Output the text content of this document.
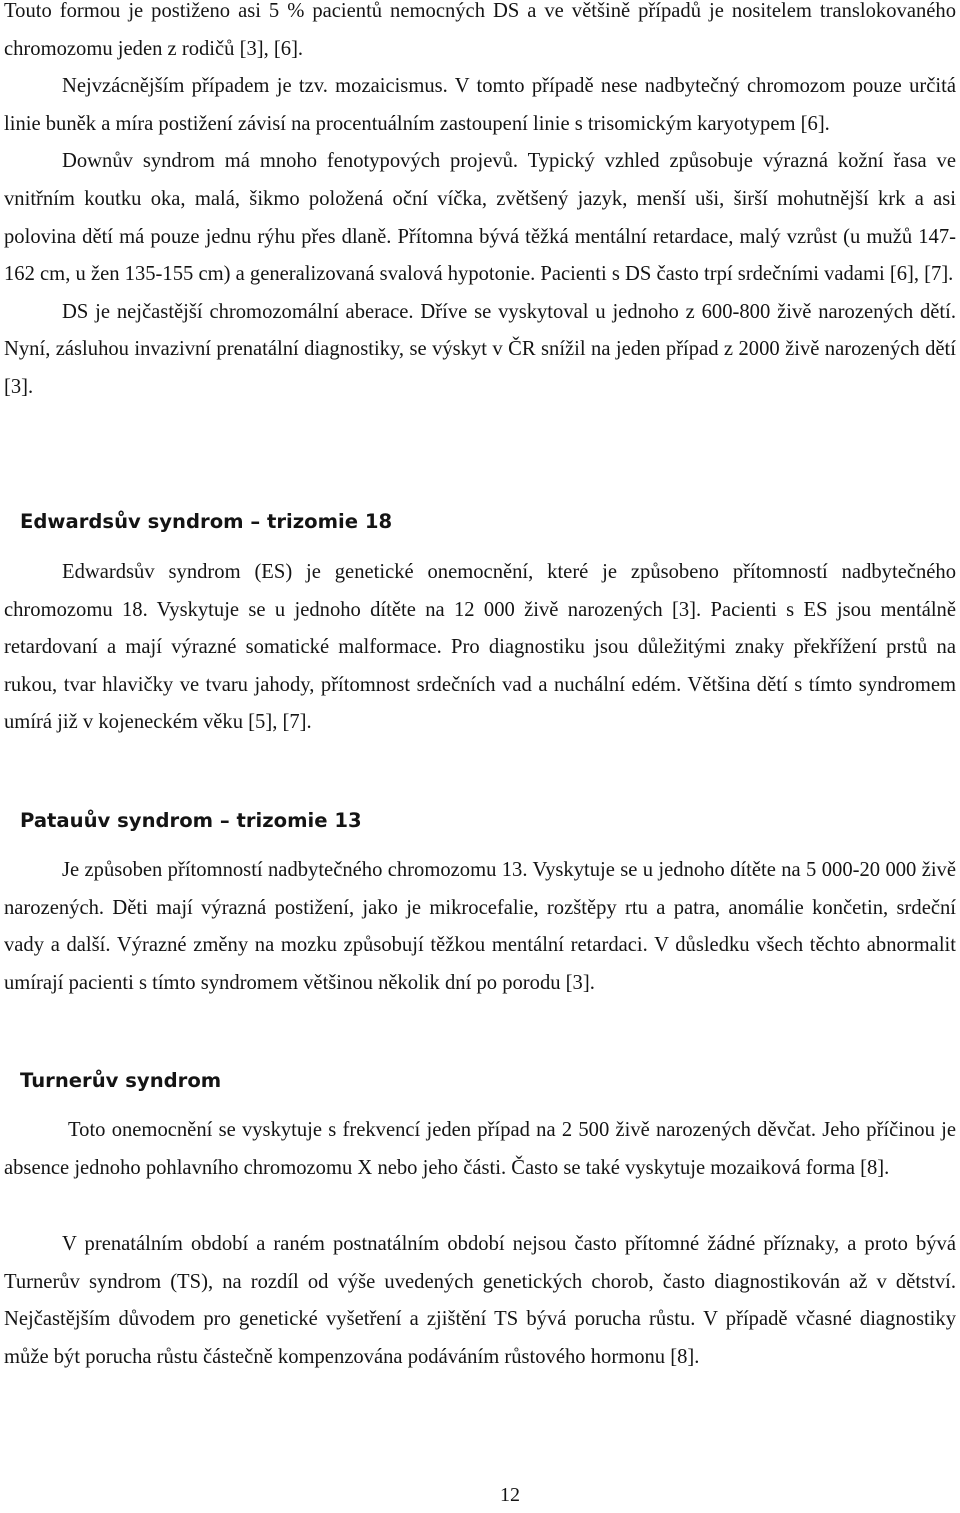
Touto formou je postiženo asi 5 % pacientů nemocných DS a ve většině případů je nositelem translokovaného chromozomu jeden z rodičů [3], [6].

Nejvzácnějším případem je tzv. mozaicismus. V tomto případě nese nadbytečný chromozom pouze určitá linie buněk a míra postižení závisí na procentuálním zastoupení linie s trisomickým karyotypem [6].

Downův syndrom má mnoho fenotypových projevů. Typický vzhled způsobuje výrazná kožní řasa ve vnitřním koutku oka, malá, šikmo položená oční víčka, zvětšený jazyk, menší uši, širší mohutnější krk a asi polovina dětí má pouze jednu rýhu přes dlaně. Přítomna bývá těžká mentální retardace, malý vzrůst (u mužů 147-162 cm, u žen 135-155 cm) a generalizovaná svalová hypotonie. Pacienti s DS často trpí srdečními vadami [6], [7].

DS je nejčastější chromozomální aberace. Dříve se vyskytoval u jednoho z 600-800 živě narozených dětí. Nyní, zásluhou invazivní prenatální diagnostiky, se výskyt v ČR snížil na jeden případ z 2000 živě narozených dětí [3].

Edwardsův syndrom – trizomie 18

Edwardsův syndrom (ES) je genetické onemocnění, které je způsobeno přítomností nadbytečného chromozomu 18. Vyskytuje se u jednoho dítěte na 12 000 živě narozených [3]. Pacienti s ES jsou mentálně retardovaní a mají výrazné somatické malformace. Pro diagnostiku jsou důležitými znaky překřížení prstů na rukou, tvar hlavičky ve tvaru jahody, přítomnost srdečních vad a nuchální edém. Většina dětí s tímto syndromem umírá již v kojeneckém věku [5], [7].

Patauův syndrom – trizomie 13

Je způsoben přítomností nadbytečného chromozomu 13. Vyskytuje se u jednoho dítěte na 5 000-20 000 živě narozených. Děti mají výrazná postižení, jako je mikrocefalie, rozštěpy rtu a patra, anomálie končetin, srdeční vady a další. Výrazné změny na mozku způsobují těžkou mentální retardaci. V důsledku všech těchto abnormalit umírají pacienti s tímto syndromem většinou několik dní po porodu [3].

Turnerův syndrom

Toto onemocnění se vyskytuje s frekvencí jeden případ na 2 500 živě narozených děvčat. Jeho příčinou je absence jednoho pohlavního chromozomu X nebo jeho části. Často se také vyskytuje mozaiková forma [8].

V prenatálním období a raném postnatálním období nejsou často přítomné žádné příznaky, a proto bývá Turnerův syndrom (TS), na rozdíl od výše uvedených genetických chorob, často diagnostikován až v dětství. Nejčastějším důvodem pro genetické vyšetření a zjištění TS bývá porucha růstu. V případě včasné diagnostiky může být porucha růstu částečně kompenzována podáváním růstového hormonu [8].

12
